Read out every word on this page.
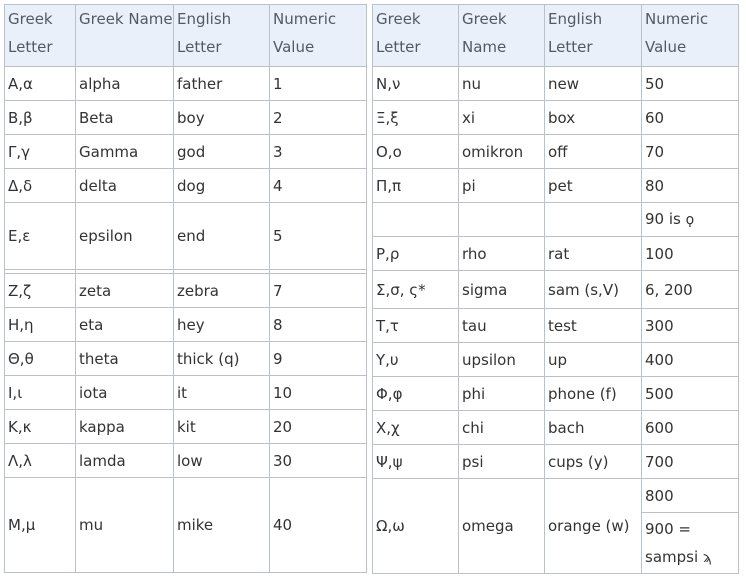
Greek Letter	Greek Name	English Letter	Numeric Value
Α,α	alpha	father	1
Β,β	Beta	boy	2
Γ,γ	Gamma	god	3
Δ,δ	delta	dog	4
Ε,ε	epsilon	end	5

Ζ,ζ	zeta	zebra	7
Η,η	eta	hey	8
Θ,θ	theta	thick (q)	9
Ι,ι	iota	it	10
Κ,κ	kappa	kit	20
Λ,λ	lamda	low	30
Μ,μ	mu	mike	40
Greek Letter	Greek Name	English Letter	Numeric Value
Ν,ν	nu	new	50
Ξ,ξ	xi	box	60
Ο,ο	omikron	off	70
Π,π	pi	pet	80
			90 is ϙ
Ρ,ρ	rho	rat	100
Σ,σ, ς*	sigma	sam (s,V)	6, 200
Τ,τ	tau	test	300
Υ,υ	upsilon	up	400
Φ,φ	phi	phone (f)	500
Χ,χ	chi	bach	600
Ψ,ψ	psi	cups (y)	700
Ω,ω	omega	orange (w)	800
			900 = sampsi ϡ
